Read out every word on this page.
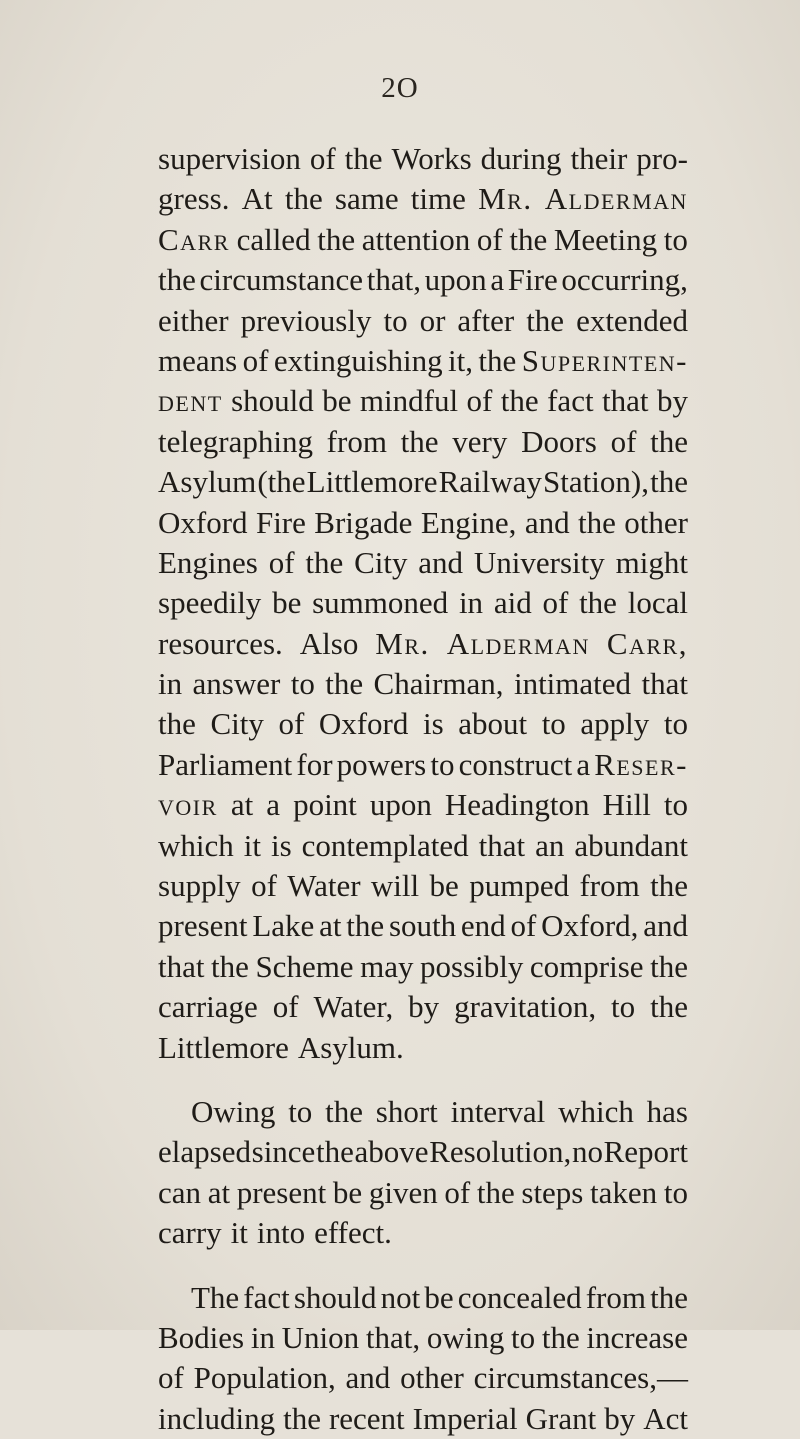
2O
supervision of the Works during their pro-
gress. At the same time Mr. Alderman
Carr called the attention of the Meeting to
the circumstance that, upon a Fire occurring,
either previously to or after the extended
means of extinguishing it, the Superinten-
dent should be mindful of the fact that by
telegraphing from the very Doors of the
Asylum (the Littlemore Railway Station), the
Oxford Fire Brigade Engine, and the other
Engines of the City and University might
speedily be summoned in aid of the local
resources. Also Mr. Alderman Carr,
in answer to the Chairman, intimated that
the City of Oxford is about to apply to
Parliament for powers to construct a Reser-
voir at a point upon Headington Hill to
which it is contemplated that an abundant
supply of Water will be pumped from the
present Lake at the south end of Oxford, and
that the Scheme may possibly comprise the
carriage of Water, by gravitation, to the
Littlemore Asylum.
Owing to the short interval which has
elapsed since the above Resolution, no Report
can at present be given of the steps taken to
carry it into effect.
The fact should not be concealed from the
Bodies in Union that, owing to the increase
of Population, and other circumstances,—
including the recent Imperial Grant by Act
